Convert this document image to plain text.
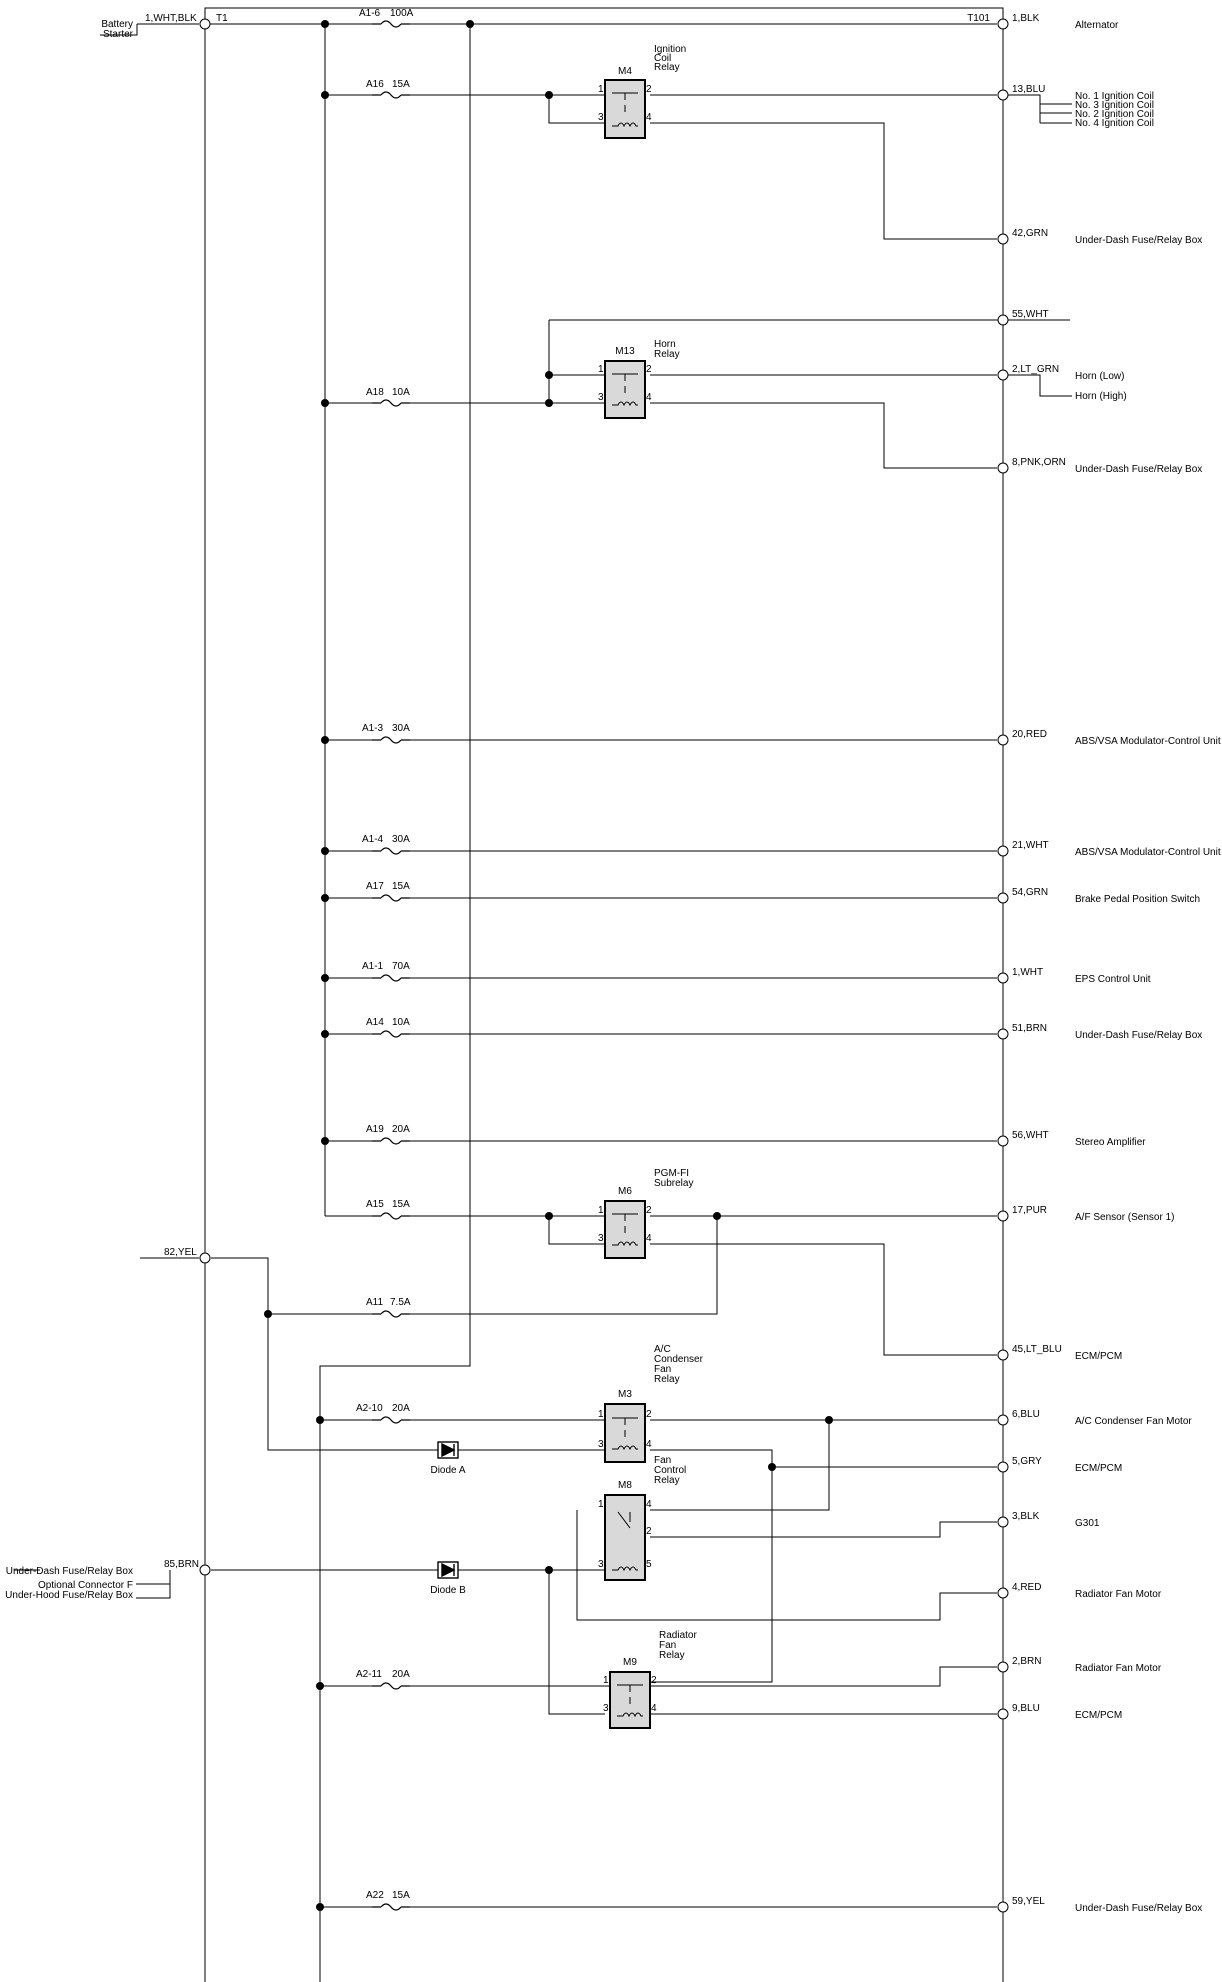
1,WHT,BLK
Battery
Starter
T1
82,YEL
85,BRN
Under-Dash Fuse/Relay Box
Optional Connector F
Under-Hood Fuse/Relay Box
A1-6 100A
A16 15A
A18 10A
A1-3 30A
A1-4 30A
A17 15A
A1-1 70A
A14 10A
A19 20A
A15 15A
A11 7.5A
A2-10 20A
A2-11 20A
A22 15A
M4
Ignition
Coil
Relay
1	2
3	4
M13
Horn
Relay
1	2
3	4
M6
PGM-FI
Subrelay
1	2
3	4
M3
A/C
Condenser
Fan
Relay
1	2
3	4
M8
Fan
Control
Relay
1	4
2
3	5
M9
Radiator
Fan
Relay
1	2
3	4
Diode A
Diode B
T101 1,BLK
13,BLU
42,GRN
55,WHT
2,LT_GRN
8,PNK,ORN
20,RED
21,WHT
54,GRN
1,WHT
51,BRN
56,WHT
17,PUR
45,LT_BLU
6,BLU
5,GRY
3,BLK
4,RED
2,BRN
9,BLU
59,YEL
Alternator
No. 1 Ignition Coil
No. 3 Ignition Coil
No. 2 Ignition Coil
No. 4 Ignition Coil
Under-Dash Fuse/Relay Box
Horn (Low)
Horn (High)
Under-Dash Fuse/Relay Box
ABS/VSA Modulator-Control Unit
ABS/VSA Modulator-Control Unit
Brake Pedal Position Switch
EPS Control Unit
Under-Dash Fuse/Relay Box
Stereo Amplifier
A/F Sensor (Sensor 1)
ECM/PCM
A/C Condenser Fan Motor
ECM/PCM
G301
Radiator Fan Motor
Radiator Fan Motor
ECM/PCM
Under-Dash Fuse/Relay Box
